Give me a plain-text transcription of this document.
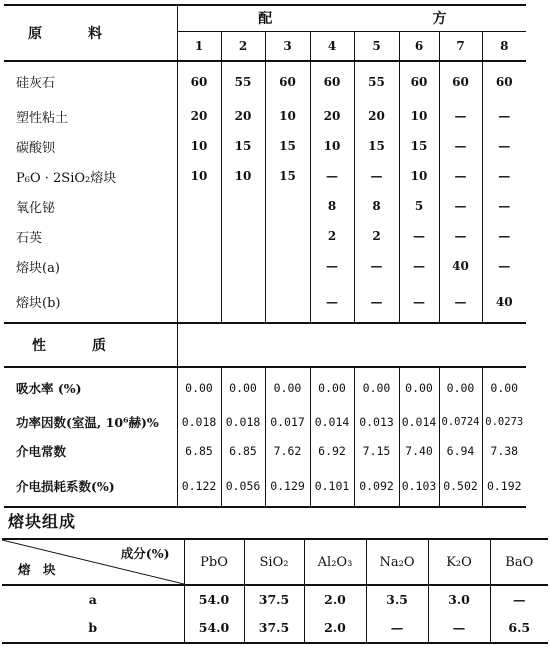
原　　　料	配				方			
	1	2	3	4	5	6	7	8
硅灰石	60	55	60	60	55	60	60	60
塑性粘土	20	20	10	20	20	10	—	—
碳酸钡	10	15	15	10	15	15	—	—
P₆O · 2SiO₂熔块	10	10	15	—	—	10	—	—
氧化铋				8	8	5	—	—
石英				2	2	—	—	—
熔块(a)				—	—	—	40	—
熔块(b)				—	—	—	—	40
性　　　质								
吸水率 (%)	0.00	0.00	0.00	0.00	0.00	0.00	0.00	0.00
功率因数(室温, 10⁶赫)%	0.018	0.018	0.017	0.014	0.013	0.014	0.0724	0.0273
介电常数	6.85	6.85	7.62	6.92	7.15	7.40	6.94	7.38
介电损耗系数(%)	0.122	0.056	0.129	0.101	0.092	0.103	0.502	0.192
熔块组成
成分(%)
熔　块	PbO	SiO₂	Al₂O₃	Na₂O	K₂O	BaO
a	54.0	37.5	2.0	3.5	3.0	—
b	54.0	37.5	2.0	—	—	6.5
